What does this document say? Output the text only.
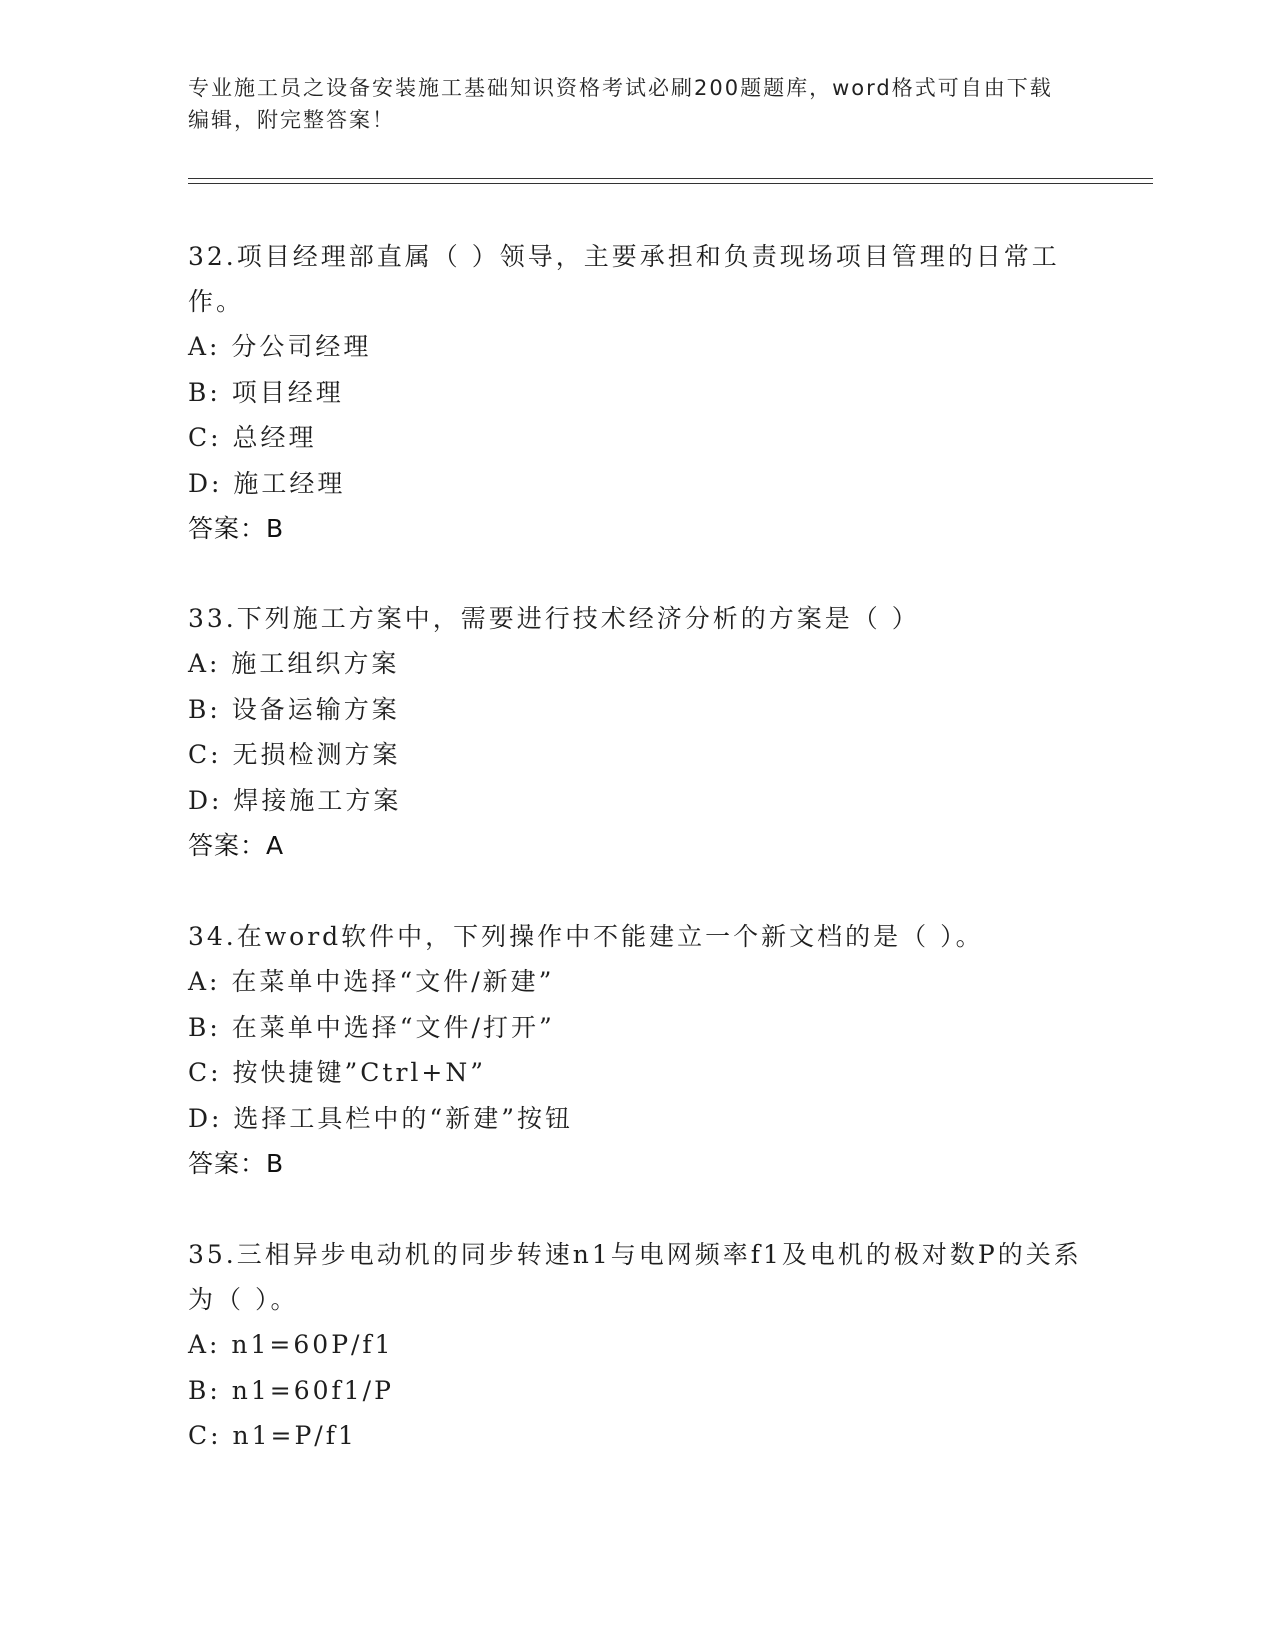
专业施工员之设备安装施工基础知识资格考试必刷200题题库，word格式可自由下载编辑，附完整答案！

32.项目经理部直属（ ）领导，主要承担和负责现场项目管理的日常工作。

A: 分公司经理

B: 项目经理

C: 总经理

D: 施工经理

答案：B

33.下列施工方案中，需要进行技术经济分析的方案是（ ）

A: 施工组织方案

B: 设备运输方案

C: 无损检测方案

D: 焊接施工方案

答案：A

34.在word软件中，下列操作中不能建立一个新文档的是（ ）。

A: 在菜单中选择“文件/新建”

B: 在菜单中选择“文件/打开”

C: 按快捷键”Ctrl+N”

D: 选择工具栏中的“新建”按钮

答案：B

35.三相异步电动机的同步转速n1与电网频率f1及电机的极对数P的关系为（ ）。

A: n1=60P/f1

B: n1=60f1/P

C: n1=P/f1
